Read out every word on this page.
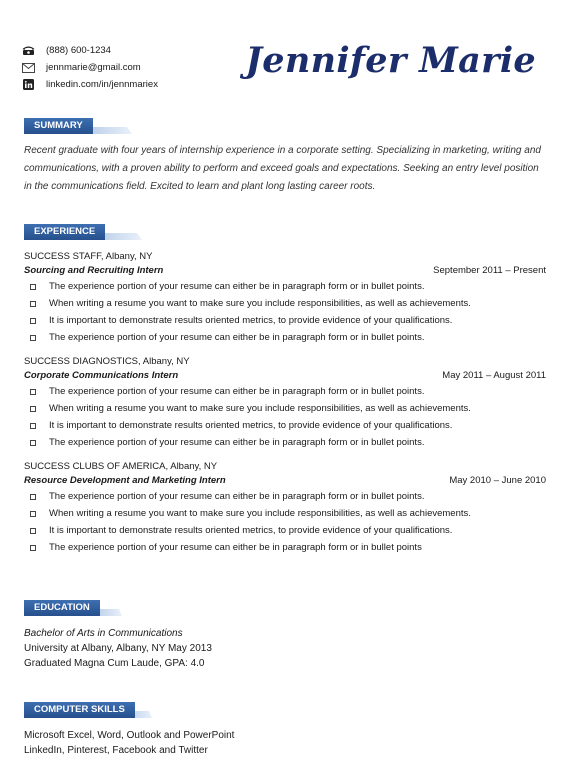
(888) 600-1234
jennmarie@gmail.com
linkedin.com/in/jennmariex
Jennifer Marie
SUMMARY
Recent graduate with four years of internship experience in a corporate setting. Specializing in marketing, writing and communications, with a proven ability to perform and exceed goals and expectations. Seeking an entry level position in the communications field. Excited to learn and plant long lasting career roots.
EXPERIENCE
SUCCESS STAFF, Albany, NY
Sourcing and Recruiting Intern	September 2011 – Present
The experience portion of your resume can either be in paragraph form or in bullet points.
When writing a resume you want to make sure you include responsibilities, as well as achievements.
It is important to demonstrate results oriented metrics, to provide evidence of your qualifications.
The experience portion of your resume can either be in paragraph form or in bullet points.
SUCCESS DIAGNOSTICS, Albany, NY
Corporate Communications Intern	May 2011 – August 2011
The experience portion of your resume can either be in paragraph form or in bullet points.
When writing a resume you want to make sure you include responsibilities, as well as achievements.
It is important to demonstrate results oriented metrics, to provide evidence of your qualifications.
The experience portion of your resume can either be in paragraph form or in bullet points.
SUCCESS CLUBS OF AMERICA, Albany, NY
Resource Development and Marketing Intern	May 2010 – June 2010
The experience portion of your resume can either be in paragraph form or in bullet points.
When writing a resume you want to make sure you include responsibilities, as well as achievements.
It is important to demonstrate results oriented metrics, to provide evidence of your qualifications.
The experience portion of your resume can either be in paragraph form or in bullet points
EDUCATION
Bachelor of Arts in Communications
University at Albany, Albany, NY May 2013
Graduated Magna Cum Laude, GPA: 4.0
COMPUTER SKILLS
Microsoft Excel, Word, Outlook and PowerPoint
LinkedIn, Pinterest, Facebook and Twitter
